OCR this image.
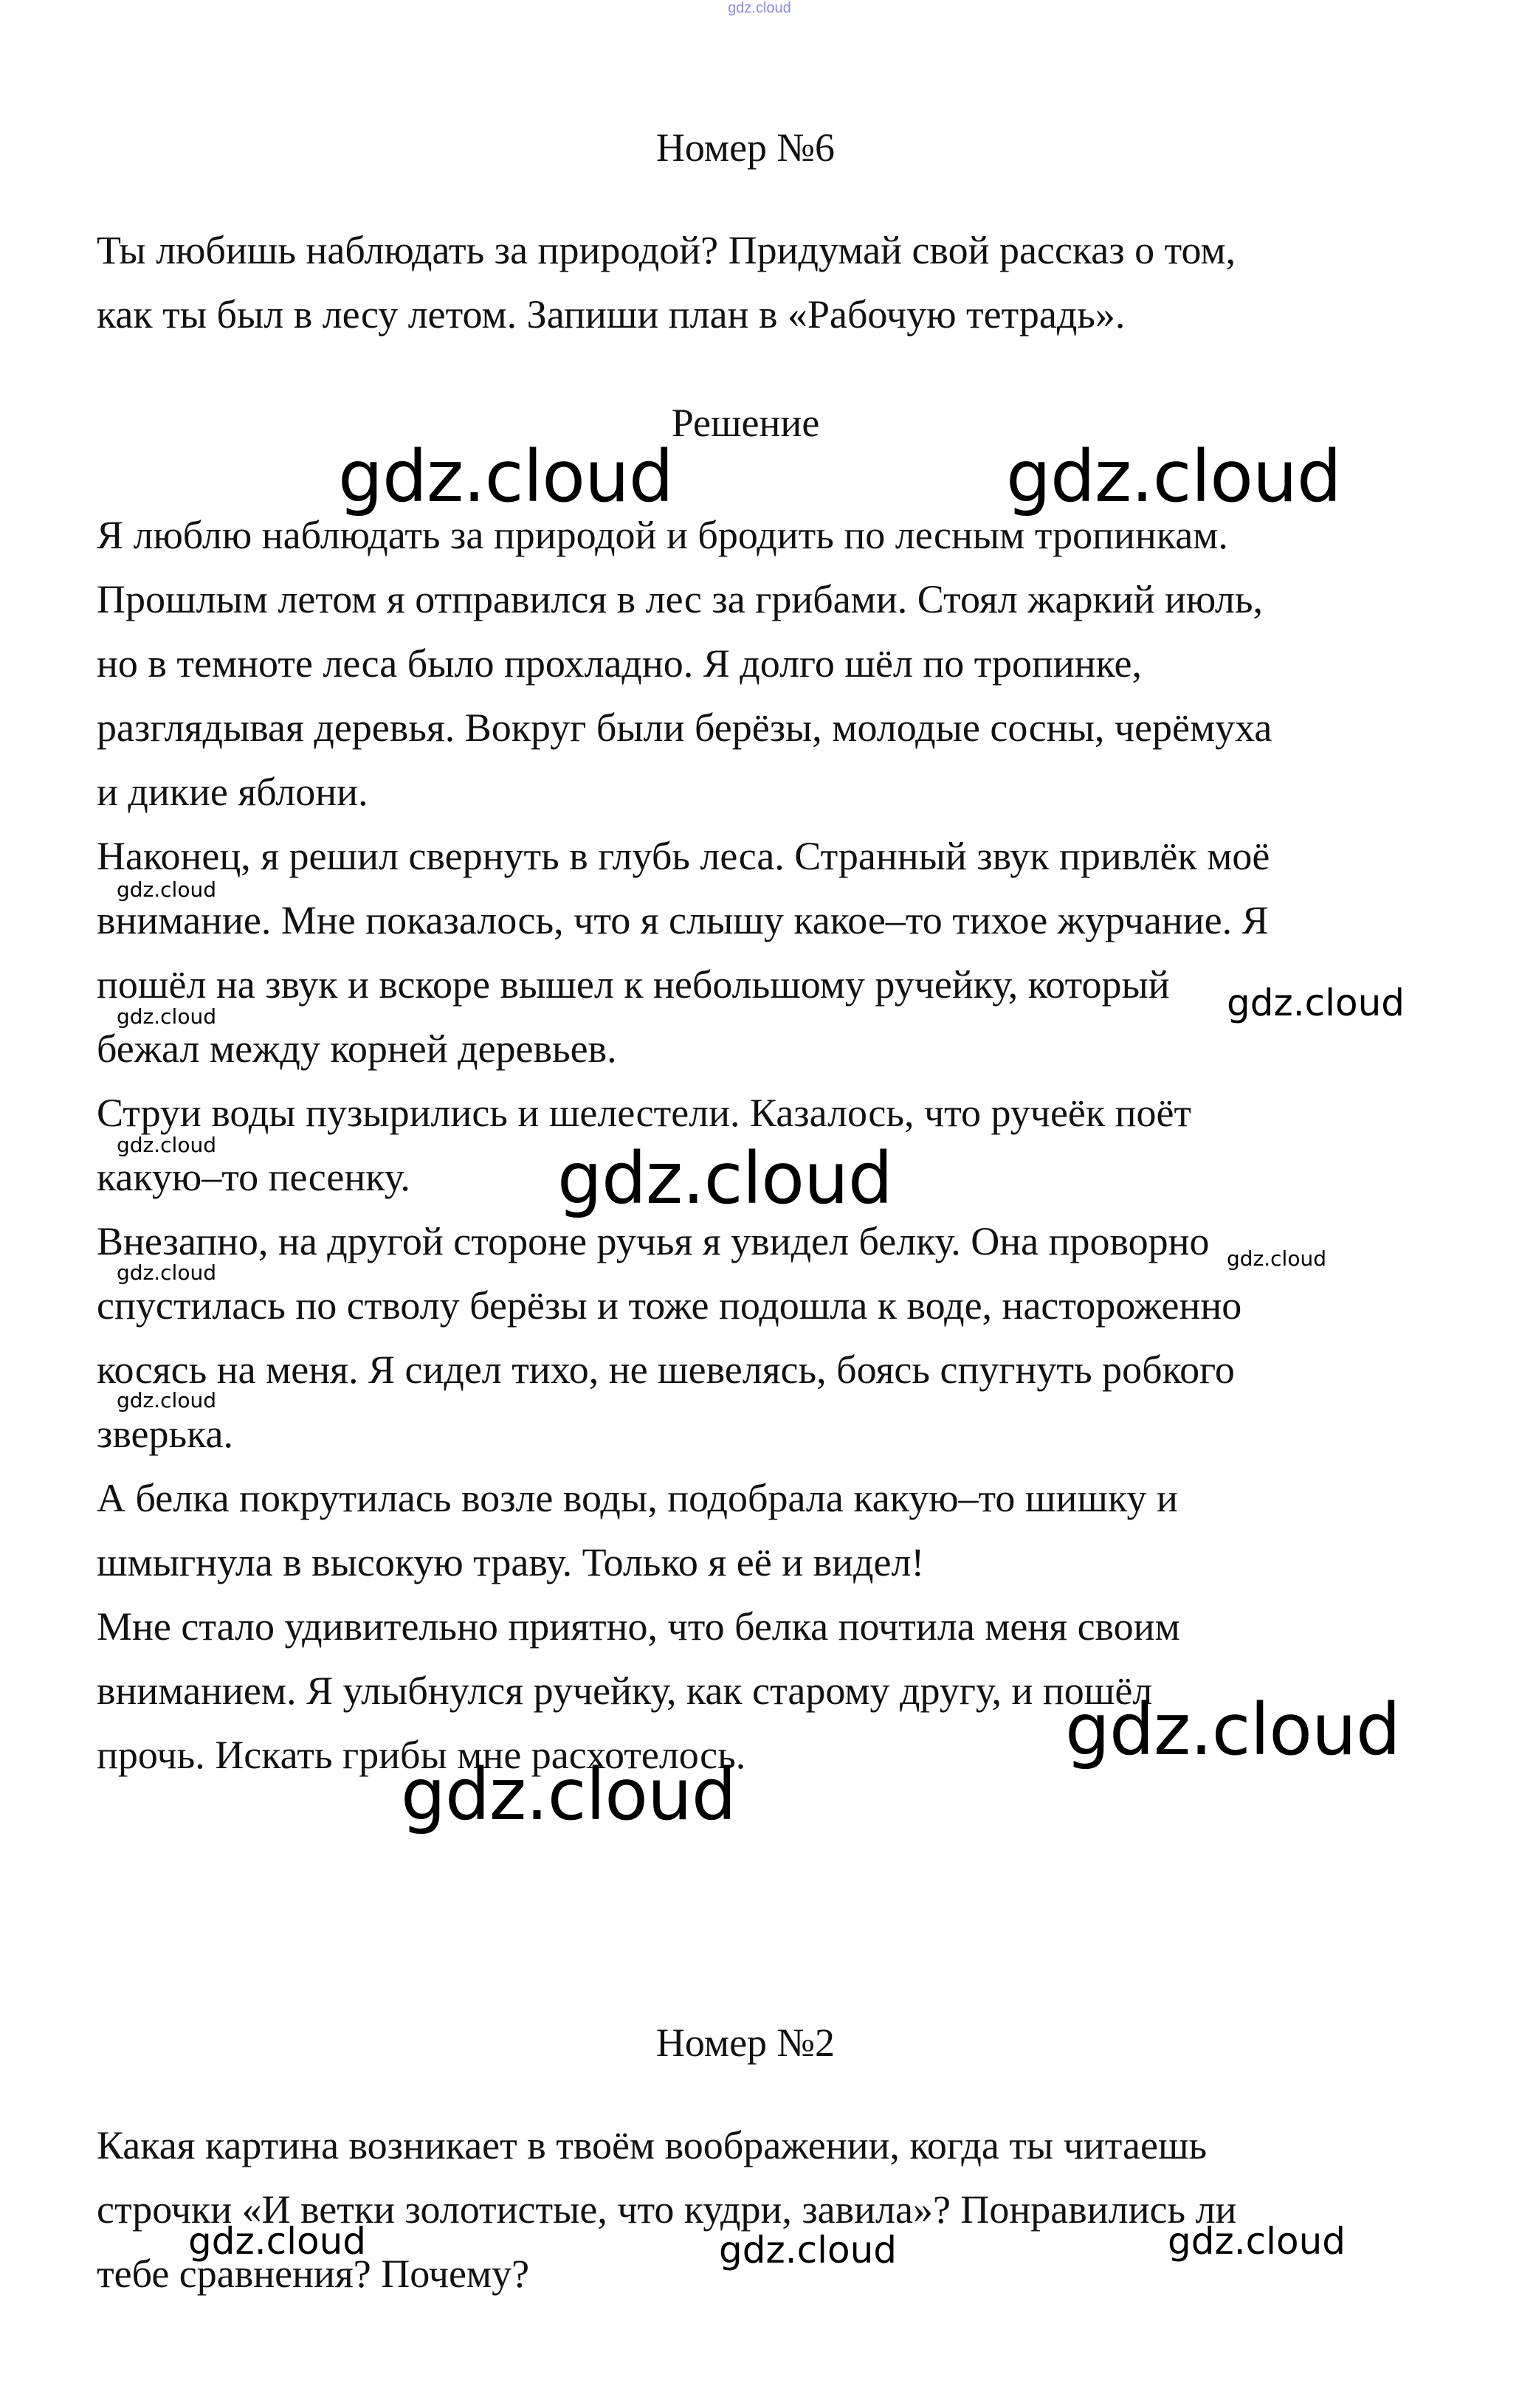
gdz.cloud
Номер №6

Ты любишь наблюдать за природой? Придумай свой рассказ о том,

как ты был в лесу летом. Запиши план в «Рабочую тетрадь».

Решение

Я люблю наблюдать за природой и бродить по лесным тропинкам.

Прошлым летом я отправился в лес за грибами. Стоял жаркий июль,

но в темноте леса было прохладно. Я долго шёл по тропинке,

разглядывая деревья. Вокруг были берёзы, молодые сосны, черёмуха

и дикие яблони.

Наконец, я решил свернуть в глубь леса. Странный звук привлёк моё

внимание. Мне показалось, что я слышу какое–то тихое журчание. Я

пошёл на звук и вскоре вышел к небольшому ручейку, который

бежал между корней деревьев.

Струи воды пузырились и шелестели. Казалось, что ручеёк поёт

какую–то песенку.

Внезапно, на другой стороне ручья я увидел белку. Она проворно

спустилась по стволу берёзы и тоже подошла к воде, настороженно

косясь на меня. Я сидел тихо, не шевелясь, боясь спугнуть робкого

зверька.

А белка покрутилась возле воды, подобрала какую–то шишку и

шмыгнула в высокую траву. Только я её и видел!

Мне стало удивительно приятно, что белка почтила меня своим

вниманием. Я улыбнулся ручейку, как старому другу, и пошёл

прочь. Искать грибы мне расхотелось.

Номер №2

Какая картина возникает в твоём воображении, когда ты читаешь

строчки «И ветки золотистые, что кудри, завила»? Понравились ли

тебе сравнения? Почему?

gdz.cloud	gdz.cloud
gdz.cloud
gdz.cloud	gdz.cloud
gdz.cloud	gdz.cloud
gdz.cloud
gdz.cloud
gdz.cloud
gdz.cloud
gdz.cloud
gdz.cloud	gdz.cloud	gdz.cloud
